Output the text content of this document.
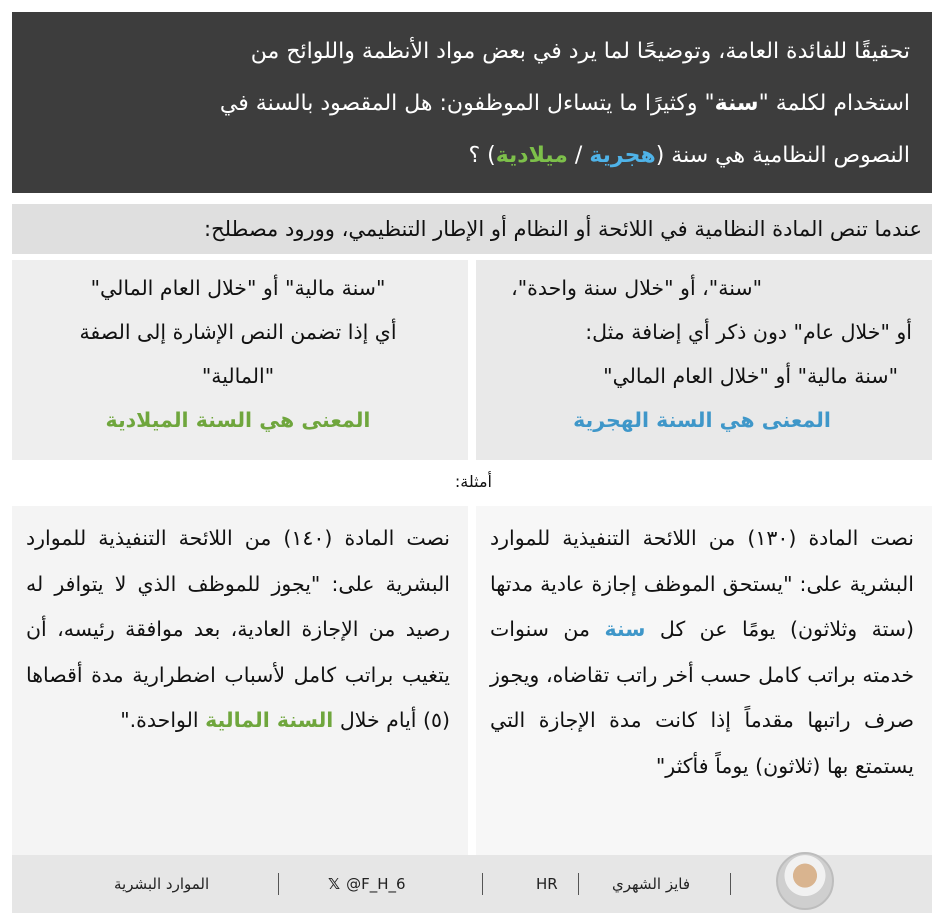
تحقيقًا للفائدة العامة، وتوضيحًا لما يرد في بعض مواد الأنظمة واللوائح من

استخدام لكلمة "سنة" وكثيرًا ما يتساءل الموظفون: هل المقصود بالسنة في

النصوص النظامية هي سنة (هجرية / ميلادية) ؟

عندما تنص المادة النظامية في اللائحة أو النظام أو الإطار التنظيمي، وورود مصطلح:
"سنة"، أو "خلال سنة واحدة"،
أو "خلال عام" دون ذكر أي إضافة مثل:
"سنة مالية" أو "خلال العام المالي"
المعنى هي السنة الهجرية
"سنة مالية" أو "خلال العام المالي"
أي إذا تضمن النص الإشارة إلى الصفة
"المالية"
المعنى هي السنة الميلادية
أمثلة:
نصت المادة (١٣٠) من اللائحة التنفيذية للموارد البشرية على: "يستحق الموظف إجازة عادية مدتها (ستة وثلاثون) يومًا عن كل سنة من سنوات خدمته براتب كامل حسب أخر راتب تقاضاه، ويجوز صرف راتبها مقدماً إذا كانت مدة الإجازة التي يستمتع بها (ثلاثون) يوماً فأكثر"
نصت المادة (١٤٠) من اللائحة التنفيذية للموارد البشرية على: "يجوز للموظف الذي لا يتوافر له رصيد من الإجازة العادية، بعد موافقة رئيسه، أن يتغيب براتب كامل لأسباب اضطرارية مدة أقصاها (٥) أيام خلال السنة المالية الواحدة."
فايز الشهري
HR
𝕏 @F_H_6
الموارد البشرية
